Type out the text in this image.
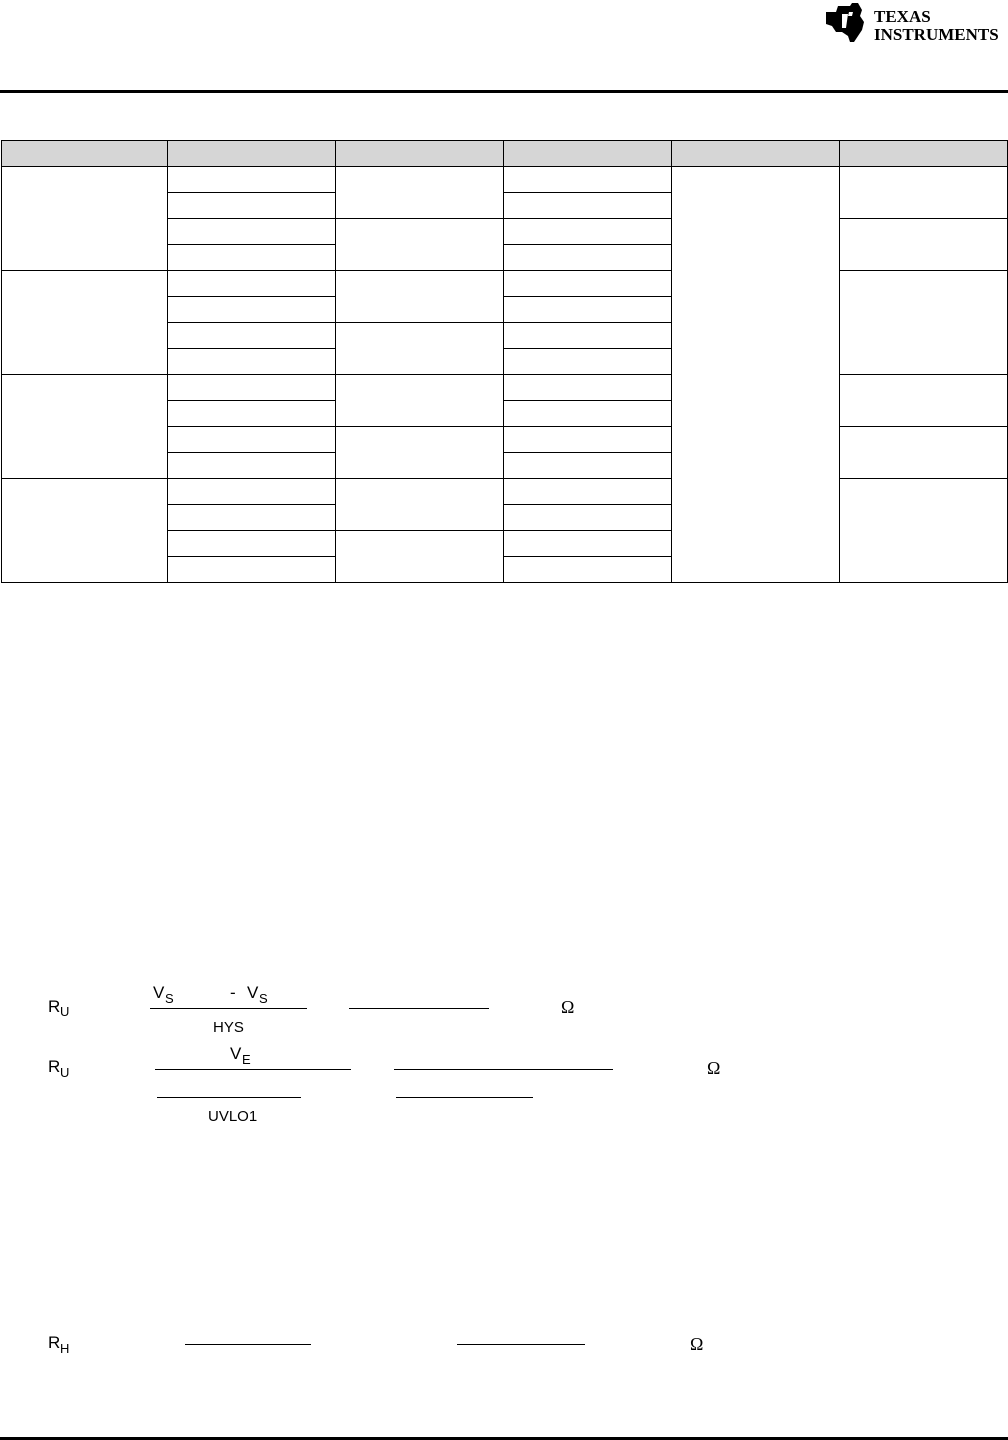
TEXAS
INSTRUMENTS

R U
V S	- V S
HYS
Ω
R U
V E
UVLO1
Ω
R H	Ω
